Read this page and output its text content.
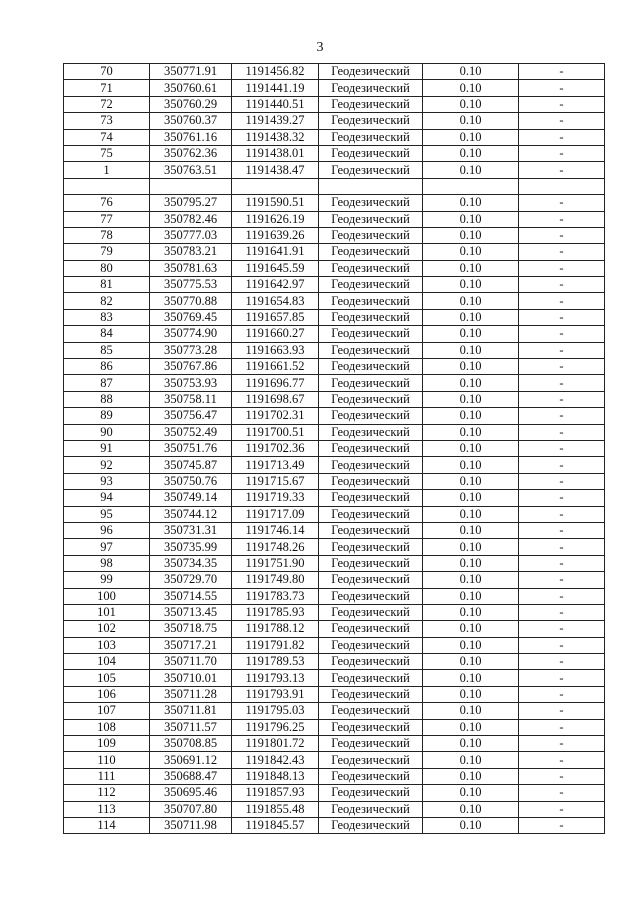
3
70	350771.91	1191456.82	Геодезический	0.10	-
71	350760.61	1191441.19	Геодезический	0.10	-
72	350760.29	1191440.51	Геодезический	0.10	-
73	350760.37	1191439.27	Геодезический	0.10	-
74	350761.16	1191438.32	Геодезический	0.10	-
75	350762.36	1191438.01	Геодезический	0.10	-
1	350763.51	1191438.47	Геодезический	0.10	-

76	350795.27	1191590.51	Геодезический	0.10	-
77	350782.46	1191626.19	Геодезический	0.10	-
78	350777.03	1191639.26	Геодезический	0.10	-
79	350783.21	1191641.91	Геодезический	0.10	-
80	350781.63	1191645.59	Геодезический	0.10	-
81	350775.53	1191642.97	Геодезический	0.10	-
82	350770.88	1191654.83	Геодезический	0.10	-
83	350769.45	1191657.85	Геодезический	0.10	-
84	350774.90	1191660.27	Геодезический	0.10	-
85	350773.28	1191663.93	Геодезический	0.10	-
86	350767.86	1191661.52	Геодезический	0.10	-
87	350753.93	1191696.77	Геодезический	0.10	-
88	350758.11	1191698.67	Геодезический	0.10	-
89	350756.47	1191702.31	Геодезический	0.10	-
90	350752.49	1191700.51	Геодезический	0.10	-
91	350751.76	1191702.36	Геодезический	0.10	-
92	350745.87	1191713.49	Геодезический	0.10	-
93	350750.76	1191715.67	Геодезический	0.10	-
94	350749.14	1191719.33	Геодезический	0.10	-
95	350744.12	1191717.09	Геодезический	0.10	-
96	350731.31	1191746.14	Геодезический	0.10	-
97	350735.99	1191748.26	Геодезический	0.10	-
98	350734.35	1191751.90	Геодезический	0.10	-
99	350729.70	1191749.80	Геодезический	0.10	-
100	350714.55	1191783.73	Геодезический	0.10	-
101	350713.45	1191785.93	Геодезический	0.10	-
102	350718.75	1191788.12	Геодезический	0.10	-
103	350717.21	1191791.82	Геодезический	0.10	-
104	350711.70	1191789.53	Геодезический	0.10	-
105	350710.01	1191793.13	Геодезический	0.10	-
106	350711.28	1191793.91	Геодезический	0.10	-
107	350711.81	1191795.03	Геодезический	0.10	-
108	350711.57	1191796.25	Геодезический	0.10	-
109	350708.85	1191801.72	Геодезический	0.10	-
110	350691.12	1191842.43	Геодезический	0.10	-
111	350688.47	1191848.13	Геодезический	0.10	-
112	350695.46	1191857.93	Геодезический	0.10	-
113	350707.80	1191855.48	Геодезический	0.10	-
114	350711.98	1191845.57	Геодезический	0.10	-
